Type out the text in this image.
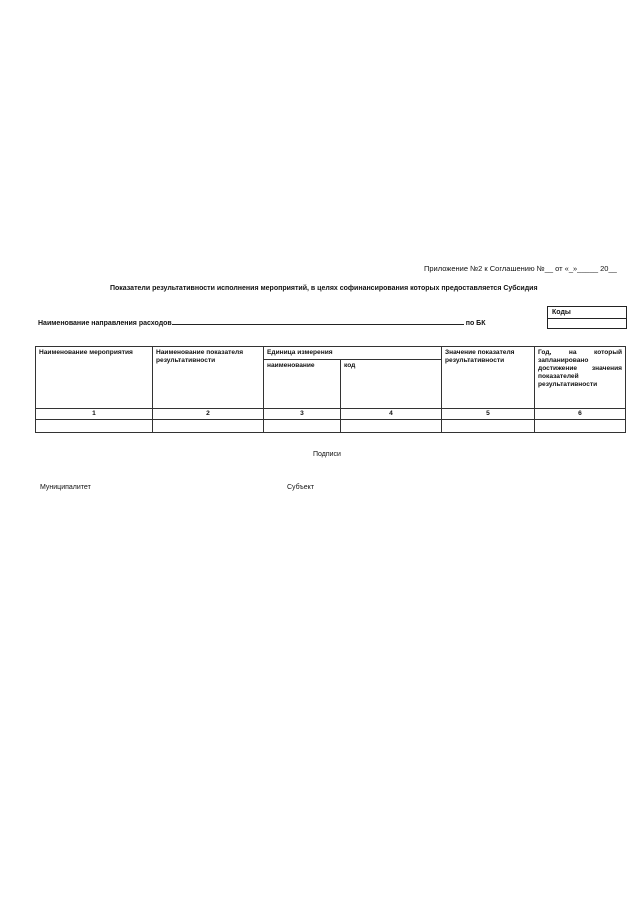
Приложение №2 к Соглашению №__ от «_»_____ 20__
Показатели результативности исполнения мероприятий, в целях софинансирования которых предоставляется Субсидия
Коды
Наименование направления расходов	по БК
Наименование мероприятия	Наименование показателя результативности	Единица измерения		Значение показателя результативности	Год, на который запланировано достижение значения показателей результативности
		наименование	код		
1	2	3	4	5	6

Подписи
Муниципалитет	Субъект
